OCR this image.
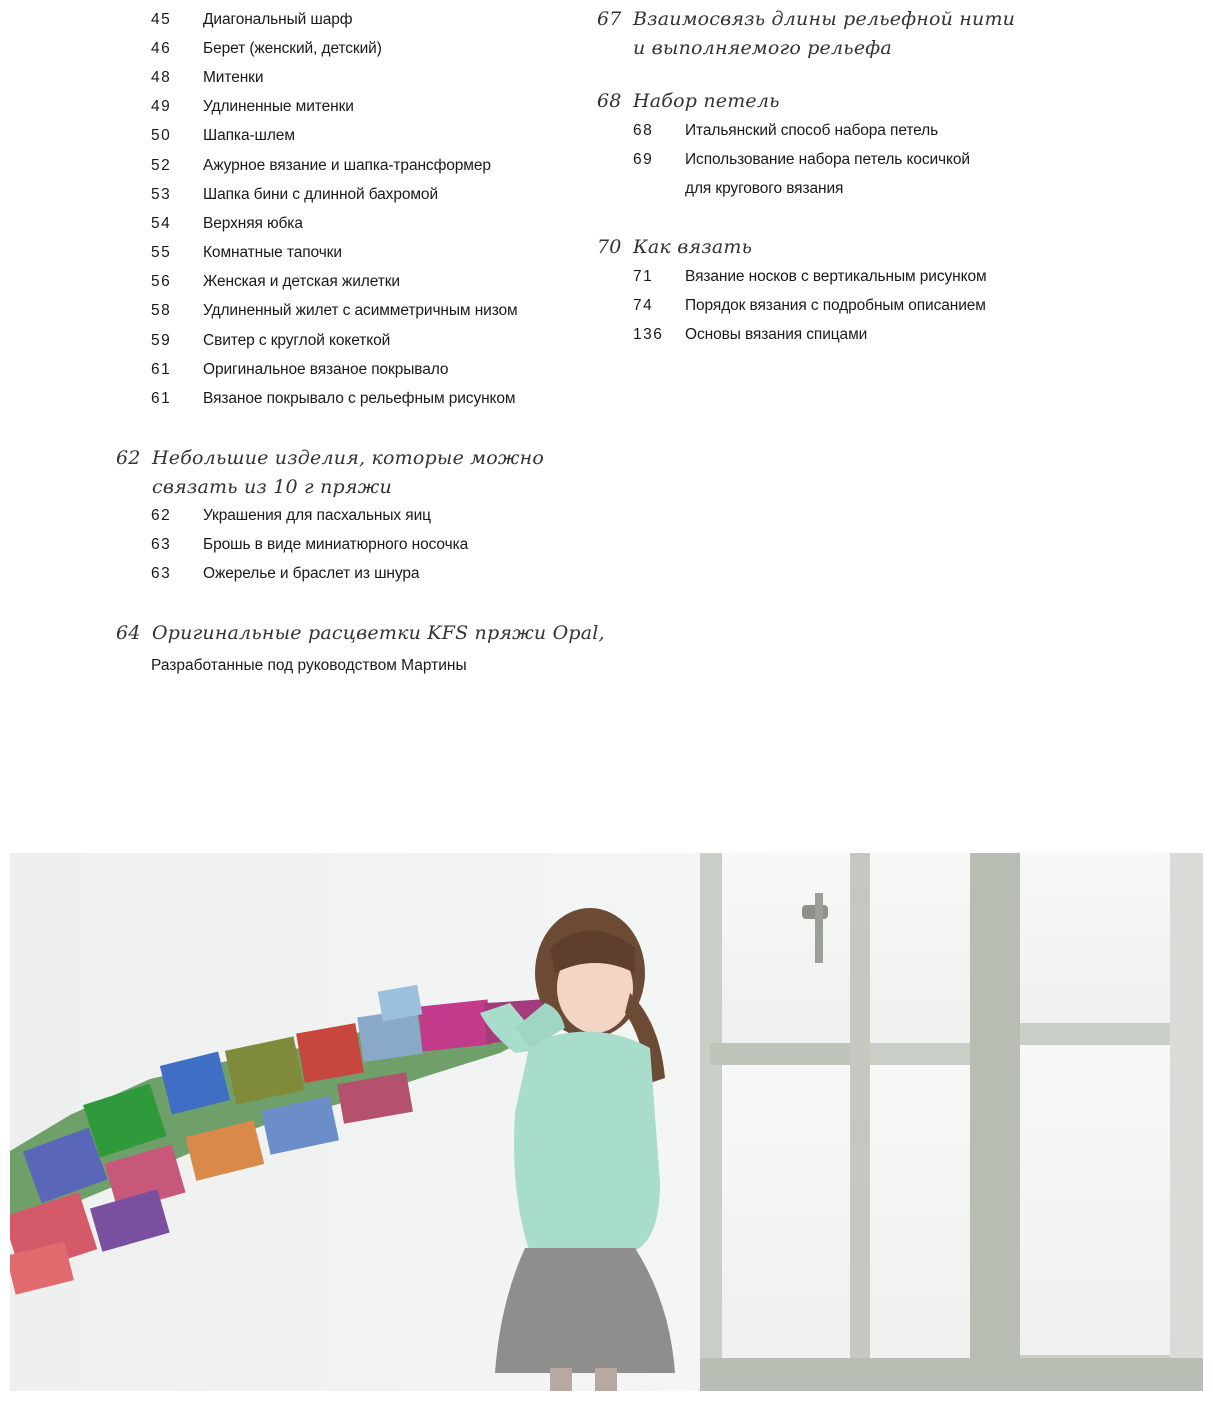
45	Диагональный шарф
46	Берет (женский, детский)
48	Митенки
49	Удлиненные митенки
50	Шапка-шлем
52	Ажурное вязание и шапка-трансформер
53	Шапка бини с длинной бахромой
54	Верхняя юбка
55	Комнатные тапочки
56	Женская и детская жилетки
58	Удлиненный жилет с асимметричным низом
59	Свитер с круглой кокеткой
61	Оригинальное вязаное покрывало
61	Вязаное покрывало с рельефным рисунком
62 Небольшие изделия, которые можно
связать из 10 г пряжи
62	Украшения для пасхальных яиц
63	Брошь в виде миниатюрного носочка
63	Ожерелье и браслет из шнура
64 Оригинальные расцветки KFS пряжи Opal,
Разработанные под руководством Мартины
67 Взаимосвязь длины рельефной нити
и выполняемого рельефа
68 Набор петель
68	Итальянский способ набора петель
69	Использование набора петель косичкой
для кругового вязания
70 Как вязать
71	Вязание носков с вертикальным рисунком
74	Порядок вязания с подробным описанием
136	Основы вязания спицами
